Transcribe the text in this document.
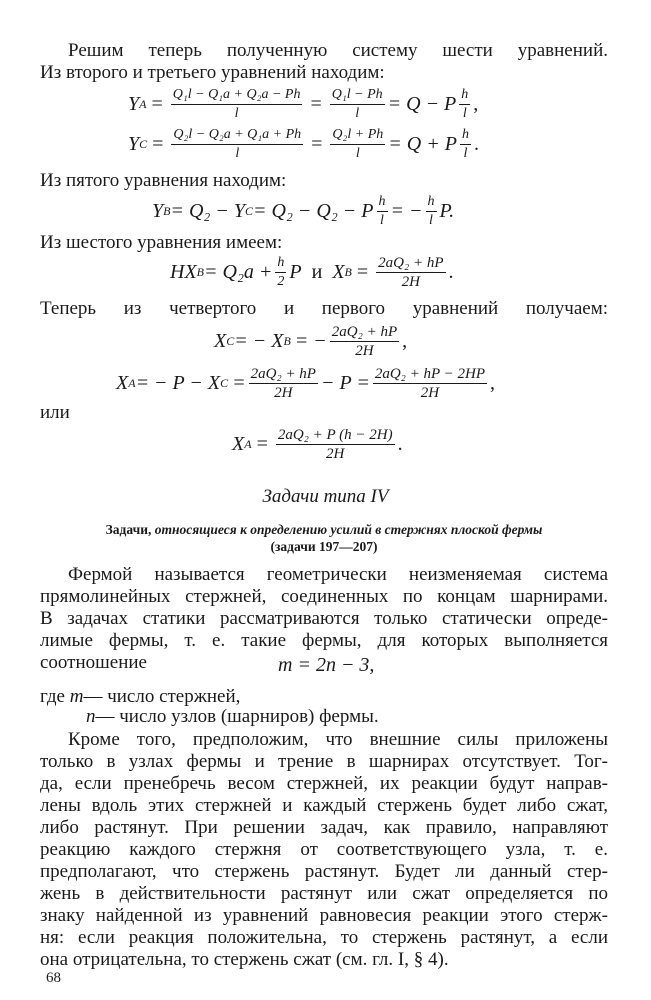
Решим теперь полученную систему шести уравнений.
Из второго и третьего уравнений находим:
Y $A = \frac{\text{Q₁l − Q₁a + Q₂a − Ph}}{l} = \frac{\text{Q₁l − Ph}}{l} = Q - P \frac{h}{l}$ ,
Y $C = \frac{\text{Q₂l − Q₂a + Q₁a + Ph}}{l} = \frac{\text{Q₂l + Ph}}{l} = Q + P \frac{h}{l}$ .
Из пятого уравнения находим:
Y B = Q₂ − Y C = Q₂ − Q₂ − P $\frac{h}{l}$ = − $\frac{h}{l} P$.
Из шестого уравнения имеем:
HX $B = Q_2a + \frac{h}{2}$ P и X $B = \frac{\text{2aQ₂ + hP}}{2H}$ .
Теперь из четвертого и первого уравнений получаем:
X C = − X B = − $\frac{\text{2aQ₂ + hP}}{2H}$ ,
X A = − P − X $C = \frac{\text{2aQ₂ + hP}}{2H} - P = \frac{\text{2aQ₂ + hP − 2HP}}{2H}$ ,
или
X $A = \frac{\text{2aQ₂ + P (h − 2H)}}{2H}$ .
Задачи типа IV
Задачи, относящиеся к определению усилий в стержнях плоской фермы
(задачи 197—207)
Фермой называется геометрически неизменяемая система
прямолинейных стержней, соединенных по концам шарнирами.
В задачах статики рассматриваются только статически опреде-
лимые фермы, т. е. такие фермы, для которых выполняется
соотношение	m = 2n − 3,
где m— число стержней,
n— число узлов (шарниров) фермы.
Кроме того, предположим, что внешние силы приложены
только в узлах фермы и трение в шарнирах отсутствует. Тог-
да, если пренебречь весом стержней, их реакции будут направ-
лены вдоль этих стержней и каждый стержень будет либо сжат,
либо растянут. При решении задач, как правило, направляют
реакцию каждого стержня от соответствующего узла, т. е.
предполагают, что стержень растянут. Будет ли данный стер-
жень в действительности растянут или сжат определяется по
знаку найденной из уравнений равновесия реакции этого стерж-
ня: если реакция положительна, то стержень растянут, а если
она отрицательна, то стержень сжат (см. гл. I, § 4).
68
